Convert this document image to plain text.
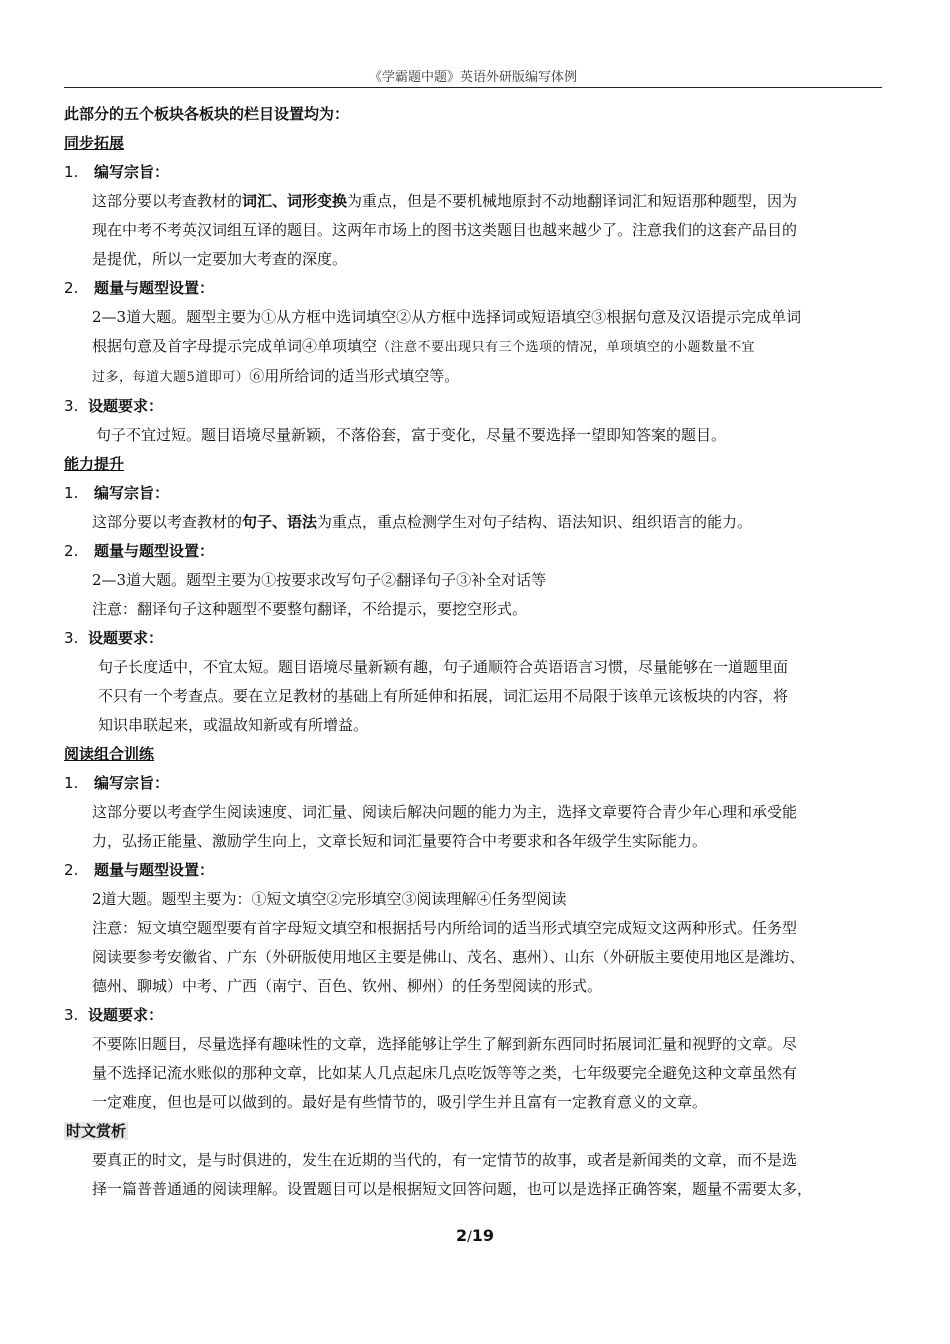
《学霸题中题》英语外研版编写体例
此部分的五个板块各板块的栏目设置均为：
同步拓展
1. 编写宗旨：
这部分要以考查教材的词汇、词形变换为重点，但是不要机械地原封不动地翻译词汇和短语那种题型，因为
现在中考不考英汉词组互译的题目。这两年市场上的图书这类题目也越来越少了。注意我们的这套产品目的
是提优，所以一定要加大考查的深度。
2. 题量与题型设置：
2—3道大题。题型主要为①从方框中选词填空②从方框中选择词或短语填空③根据句意及汉语提示完成单词
根据句意及首字母提示完成单词④单项填空（注意不要出现只有三个选项的情况，单项填空的小题数量不宜
过多，每道大题5道即可）⑥用所给词的适当形式填空等。
3. 设题要求：
句子不宜过短。题目语境尽量新颖，不落俗套，富于变化，尽量不要选择一望即知答案的题目。
能力提升
1. 编写宗旨：
这部分要以考查教材的句子、语法为重点，重点检测学生对句子结构、语法知识、组织语言的能力。
2. 题量与题型设置：
2—3道大题。题型主要为①按要求改写句子②翻译句子③补全对话等
注意：翻译句子这种题型不要整句翻译，不给提示，要挖空形式。
3. 设题要求：
句子长度适中，不宜太短。题目语境尽量新颖有趣，句子通顺符合英语语言习惯，尽量能够在一道题里面
不只有一个考查点。要在立足教材的基础上有所延伸和拓展，词汇运用不局限于该单元该板块的内容，将
知识串联起来，或温故知新或有所增益。
阅读组合训练
1. 编写宗旨：
这部分要以考查学生阅读速度、词汇量、阅读后解决问题的能力为主，选择文章要符合青少年心理和承受能
力，弘扬正能量、激励学生向上，文章长短和词汇量要符合中考要求和各年级学生实际能力。
2. 题量与题型设置：
2道大题。题型主要为：①短文填空②完形填空③阅读理解④任务型阅读
注意：短文填空题型要有首字母短文填空和根据括号内所给词的适当形式填空完成短文这两种形式。任务型
阅读要参考安徽省、广东（外研版使用地区主要是佛山、茂名、惠州）、山东（外研版主要使用地区是潍坊、
德州、聊城）中考、广西（南宁、百色、钦州、柳州）的任务型阅读的形式。
3. 设题要求：
不要陈旧题目，尽量选择有趣味性的文章，选择能够让学生了解到新东西同时拓展词汇量和视野的文章。尽
量不选择记流水账似的那种文章，比如某人几点起床几点吃饭等等之类，七年级要完全避免这种文章虽然有
一定难度，但也是可以做到的。最好是有些情节的，吸引学生并且富有一定教育意义的文章。
时文赏析
要真正的时文，是与时俱进的，发生在近期的当代的，有一定情节的故事，或者是新闻类的文章，而不是选
择一篇普普通通的阅读理解。设置题目可以是根据短文回答问题，也可以是选择正确答案，题量不需要太多，
2/19
